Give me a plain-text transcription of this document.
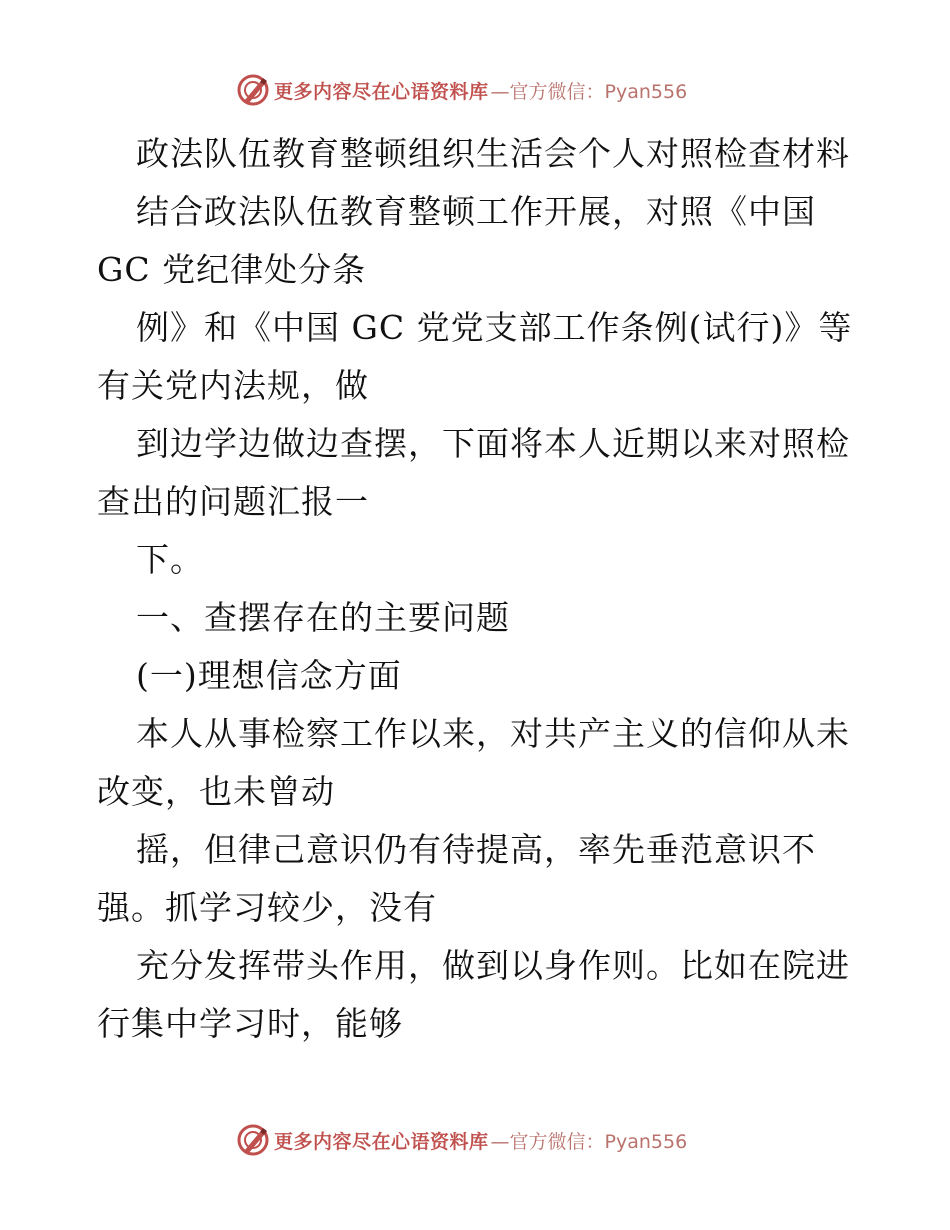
更多内容尽在心语资料库 —官方微信：Pyan556
政法队伍教育整顿组织生活会个人对照检查材料
结合政法队伍教育整顿工作开展，对照《中国
GC 党纪律处分条
例》和《中国 GC 党党支部工作条例(试行)》等
有关党内法规，做
到边学边做边查摆，下面将本人近期以来对照检
查出的问题汇报一
下。
一、查摆存在的主要问题
(一)理想信念方面
本人从事检察工作以来，对共产主义的信仰从未
改变，也未曾动
摇，但律己意识仍有待提高，率先垂范意识不
强。抓学习较少，没有
充分发挥带头作用，做到以身作则。比如在院进
行集中学习时，能够
更多内容尽在心语资料库 —官方微信：Pyan556
